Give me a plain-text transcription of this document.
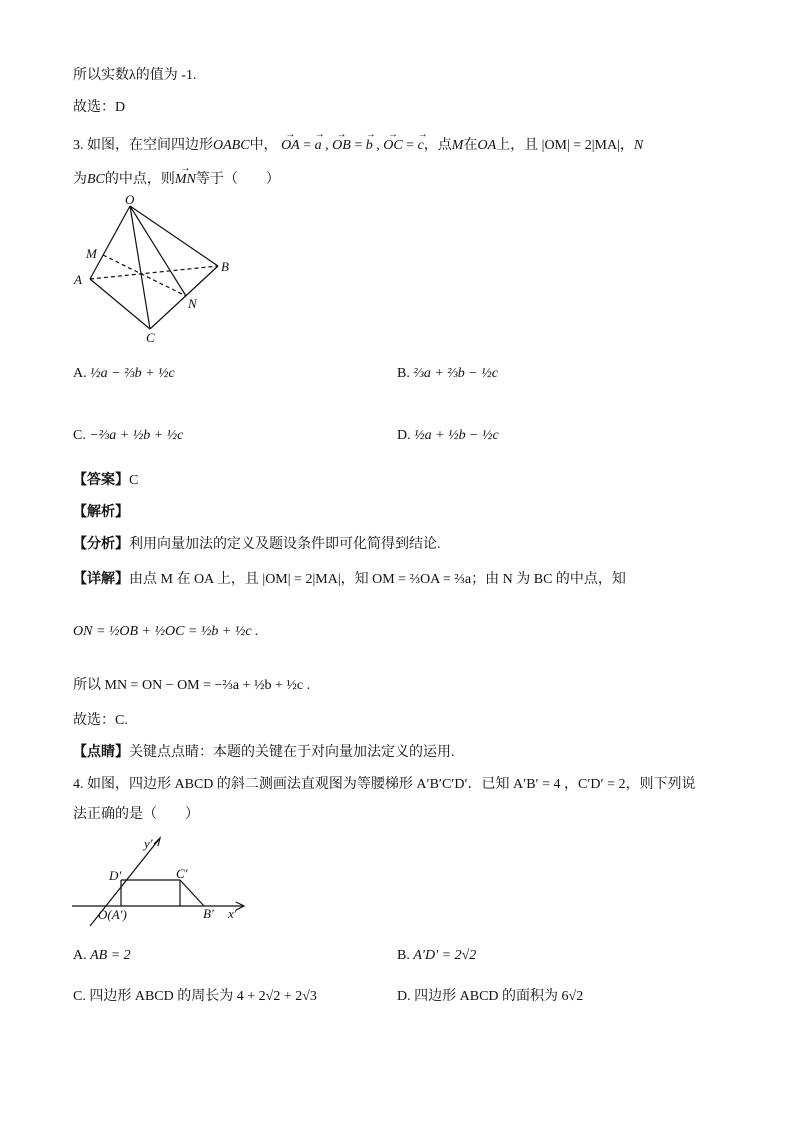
所以实数λ的值为 -1.
故选：D
3. 如图，在空间四边形OABC中， → OA = → a , → OB = → b , → OC = → c，点M在OA上，且 |OM| = 2|MA|，N
为BC的中点，则→ MN等于（　　）
O
M
A
B
N
C
A. ½a − ⅔b + ½c	B. ⅔a + ⅔b − ½c
C. −⅔a + ½b + ½c	D. ½a + ½b − ½c
【答案】C
【解析】
【分析】利用向量加法的定义及题设条件即可化简得到结论.
【详解】由点 M 在 OA 上，且 |OM| = 2|MA|，知 OM = ⅔OA = ⅔a；由 N 为 BC 的中点，知
ON = ½OB + ½OC = ½b + ½c .
所以 MN = ON − OM = −⅔a + ½b + ½c .
故选：C.
【点睛】关键点点睛：本题的关键在于对向量加法定义的运用.
4. 如图，四边形 ABCD 的斜二测画法直观图为等腰梯形 A′B′C′D′．已知 A′B′ = 4 ，C′D′ = 2，则下列说
法正确的是（　　）
y′
D′	C′
O(A′)	B′ x′
A. AB = 2	B. A′D′ = 2√2
C. 四边形 ABCD 的周长为 4 + 2√2 + 2√3	D. 四边形 ABCD 的面积为 6√2
